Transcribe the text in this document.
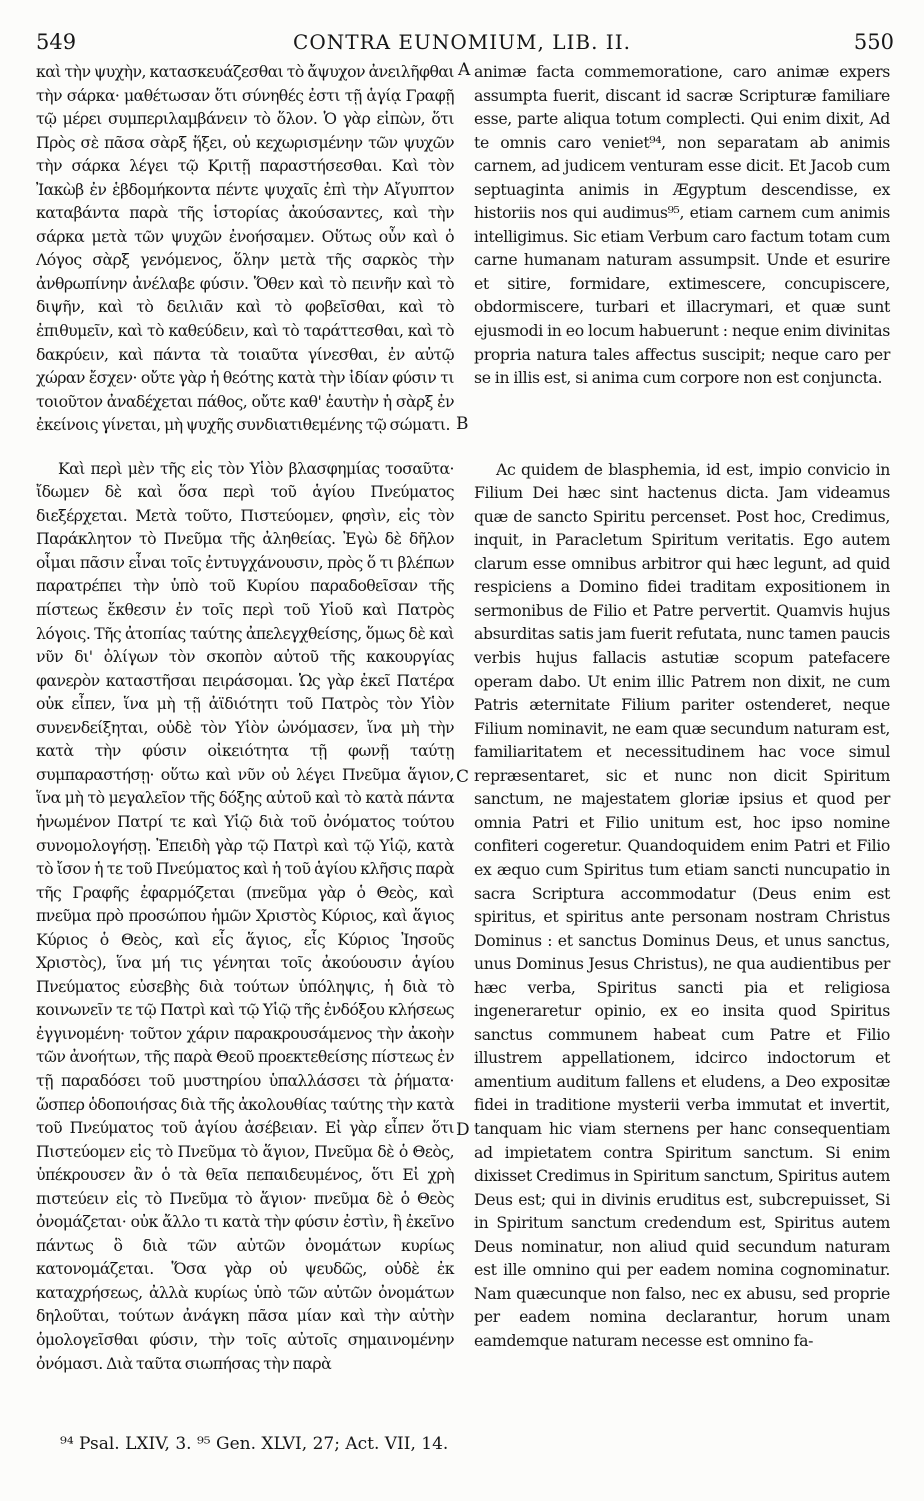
549	CONTRA EUNOMIUM, LIB. II.	550

καὶ τὴν ψυχὴν, κατασκευάζεσθαι τὸ ἄψυχον ἀνειλῆφθαι τὴν σάρκα· μαθέτωσαν ὅτι σύνηθές ἐστι τῇ ἁγίᾳ Γραφῇ τῷ μέρει συμπεριλαμβάνειν τὸ ὅλον. Ὁ γὰρ εἰπὼν, ὅτι Πρὸς σὲ πᾶσα σὰρξ ἥξει, οὐ κεχωρισμένην τῶν ψυχῶν τὴν σάρκα λέγει τῷ Κριτῇ παραστήσεσθαι. Καὶ τὸν Ἰακὼβ ἐν ἑβδομήκοντα πέντε ψυχαῖς ἐπὶ τὴν Αἴγυπτον καταβάντα παρὰ τῆς ἱστορίας ἀκούσαντες, καὶ τὴν σάρκα μετὰ τῶν ψυχῶν ἐνοήσαμεν. Οὕτως οὖν καὶ ὁ Λόγος σὰρξ γενόμενος, ὅλην μετὰ τῆς σαρκὸς τὴν ἀνθρωπίνην ἀνέλαβε φύσιν. Ὅθεν καὶ τὸ πεινῆν καὶ τὸ διψῆν, καὶ τὸ δειλιᾶν καὶ τὸ φοβεῖσθαι, καὶ τὸ ἐπιθυμεῖν, καὶ τὸ καθεύδειν, καὶ τὸ ταράττεσθαι, καὶ τὸ δακρύειν, καὶ πάντα τὰ τοιαῦτα γίνεσθαι, ἐν αὐτῷ χώραν ἔσχεν· οὔτε γὰρ ἡ θεότης κατὰ τὴν ἰδίαν φύσιν τι τοιοῦτον ἀναδέχεται πάθος, οὔτε καθ' ἑαυτὴν ἡ σὰρξ ἐν ἐκείνοις γίνεται, μὴ ψυχῆς συνδιατιθεμένης τῷ σώματι.

Καὶ περὶ μὲν τῆς εἰς τὸν Υἱὸν βλασφημίας τοσαῦτα· ἴδωμεν δὲ καὶ ὅσα περὶ τοῦ ἁγίου Πνεύματος διεξέρχεται. Μετὰ τοῦτο, Πιστεύομεν, φησὶν, εἰς τὸν Παράκλητον τὸ Πνεῦμα τῆς ἀληθείας. Ἐγὼ δὲ δῆλον οἶμαι πᾶσιν εἶναι τοῖς ἐντυγχάνουσιν, πρὸς ὅ τι βλέπων παρατρέπει τὴν ὑπὸ τοῦ Κυρίου παραδοθεῖσαν τῆς πίστεως ἔκθεσιν ἐν τοῖς περὶ τοῦ Υἱοῦ καὶ Πατρὸς λόγοις. Τῆς ἀτοπίας ταύτης ἀπελεγχθείσης, ὅμως δὲ καὶ νῦν δι' ὀλίγων τὸν σκοπὸν αὐτοῦ τῆς κακουργίας φανερὸν καταστῆσαι πειράσομαι. Ὡς γὰρ ἐκεῖ Πατέρα οὐκ εἶπεν, ἵνα μὴ τῇ ἀϊδιότητι τοῦ Πατρὸς τὸν Υἱὸν συνενδείξηται, οὐδὲ τὸν Υἱὸν ὠνόμασεν, ἵνα μὴ τὴν κατὰ τὴν φύσιν οἰκειότητα τῇ φωνῇ ταύτῃ συμπαραστήσῃ· οὕτω καὶ νῦν οὐ λέγει Πνεῦμα ἅγιον, ἵνα μὴ τὸ μεγαλεῖον τῆς δόξης αὐτοῦ καὶ τὸ κατὰ πάντα ἡνωμένον Πατρί τε καὶ Υἱῷ διὰ τοῦ ὀνόματος τούτου συνομολογήσῃ. Ἐπειδὴ γὰρ τῷ Πατρὶ καὶ τῷ Υἱῷ, κατὰ τὸ ἴσον ἡ τε τοῦ Πνεύματος καὶ ἡ τοῦ ἁγίου κλῆσις παρὰ τῆς Γραφῆς ἐφαρμόζεται (πνεῦμα γὰρ ὁ Θεὸς, καὶ πνεῦμα πρὸ προσώπου ἡμῶν Χριστὸς Κύριος, καὶ ἅγιος Κύριος ὁ Θεὸς, καὶ εἷς ἅγιος, εἷς Κύριος Ἰησοῦς Χριστὸς), ἵνα μή τις γένηται τοῖς ἀκούουσιν ἁγίου Πνεύματος εὐσεβὴς διὰ τούτων ὑπόληψις, ἡ διὰ τὸ κοινωνεῖν τε τῷ Πατρὶ καὶ τῷ Υἱῷ τῆς ἐνδόξου κλήσεως ἐγγινομένη· τοῦτον χάριν παρακρουσάμενος τὴν ἀκοὴν τῶν ἀνοήτων, τῆς παρὰ Θεοῦ προεκτεθείσης πίστεως ἐν τῇ παραδόσει τοῦ μυστηρίου ὑπαλλάσσει τὰ ῥήματα· ὥσπερ ὁδοποιήσας διὰ τῆς ἀκολουθίας ταύτης τὴν κατὰ τοῦ Πνεύματος τοῦ ἁγίου ἀσέβειαν. Εἰ γὰρ εἶπεν ὅτι Πιστεύομεν εἰς τὸ Πνεῦμα τὸ ἅγιον, Πνεῦμα δὲ ὁ Θεὸς, ὑπέκρουσεν ἂν ὁ τὰ θεῖα πεπαιδευμένος, ὅτι Εἰ χρὴ πιστεύειν εἰς τὸ Πνεῦμα τὸ ἅγιον· πνεῦμα δὲ ὁ Θεὸς ὀνομάζεται· οὐκ ἄλλο τι κατὰ τὴν φύσιν ἐστὶν, ἢ ἐκεῖνο πάντως ὃ διὰ τῶν αὐτῶν ὀνομάτων κυρίως κατονομάζεται. Ὅσα γὰρ οὐ ψευδῶς, οὐδὲ ἐκ καταχρήσεως, ἀλλὰ κυρίως ὑπὸ τῶν αὐτῶν ὀνομάτων δηλοῦται, τούτων ἀνάγκη πᾶσα μίαν καὶ τὴν αὐτὴν ὁμολογεῖσθαι φύσιν, τὴν τοῖς αὐτοῖς σημαινομένην ὀνόμασι. Διὰ ταῦτα σιωπήσας τὴν παρὰ

animæ facta commemoratione, caro animæ expers assumpta fuerit, discant id sacræ Scripturæ familiare esse, parte aliqua totum complecti. Qui enim dixit, Ad te omnis caro veniet⁹⁴, non separatam ab animis carnem, ad judicem venturam esse dicit. Et Jacob cum septuaginta animis in Ægyptum descendisse, ex historiis nos qui audimus⁹⁵, etiam carnem cum animis intelligimus. Sic etiam Verbum caro factum totam cum carne humanam naturam assumpsit. Unde et esurire et sitire, formidare, extimescere, concupiscere, obdormiscere, turbari et illacrymari, et quæ sunt ejusmodi in eo locum habuerunt : neque enim divinitas propria natura tales affectus suscipit; neque caro per se in illis est, si anima cum corpore non est conjuncta.

Ac quidem de blasphemia, id est, impio convicio in Filium Dei hæc sint hactenus dicta. Jam videamus quæ de sancto Spiritu percenset. Post hoc, Credimus, inquit, in Paracletum Spiritum veritatis. Ego autem clarum esse omnibus arbitror qui hæc legunt, ad quid respiciens a Domino fidei traditam expositionem in sermonibus de Filio et Patre pervertit. Quamvis hujus absurditas satis jam fuerit refutata, nunc tamen paucis verbis hujus fallacis astutiæ scopum patefacere operam dabo. Ut enim illic Patrem non dixit, ne cum Patris æternitate Filium pariter ostenderet, neque Filium nominavit, ne eam quæ secundum naturam est, familiaritatem et necessitudinem hac voce simul repræsentaret, sic et nunc non dicit Spiritum sanctum, ne majestatem gloriæ ipsius et quod per omnia Patri et Filio unitum est, hoc ipso nomine confiteri cogeretur. Quandoquidem enim Patri et Filio ex æquo cum Spiritus tum etiam sancti nuncupatio in sacra Scriptura accommodatur (Deus enim est spiritus, et spiritus ante personam nostram Christus Dominus : et sanctus Dominus Deus, et unus sanctus, unus Dominus Jesus Christus), ne qua audientibus per hæc verba, Spiritus sancti pia et religiosa ingeneraretur opinio, ex eo insita quod Spiritus sanctus communem habeat cum Patre et Filio illustrem appellationem, idcirco indoctorum et amentium auditum fallens et eludens, a Deo expositæ fidei in traditione mysterii verba immutat et invertit, tanquam hic viam sternens per hanc consequentiam ad impietatem contra Spiritum sanctum. Si enim dixisset Credimus in Spiritum sanctum, Spiritus autem Deus est; qui in divinis eruditus est, subcrepuisset, Si in Spiritum sanctum credendum est, Spiritus autem Deus nominatur, non aliud quid secundum naturam est ille omnino qui per eadem nomina cognominatur. Nam quæcunque non falso, nec ex abusu, sed proprie per eadem nomina declarantur, horum unam eamdemque naturam necesse est omnino fa-

A
B
C
D
⁹⁴ Psal. LXIV, 3. ⁹⁵ Gen. XLVI, 27; Act. VII, 14.
